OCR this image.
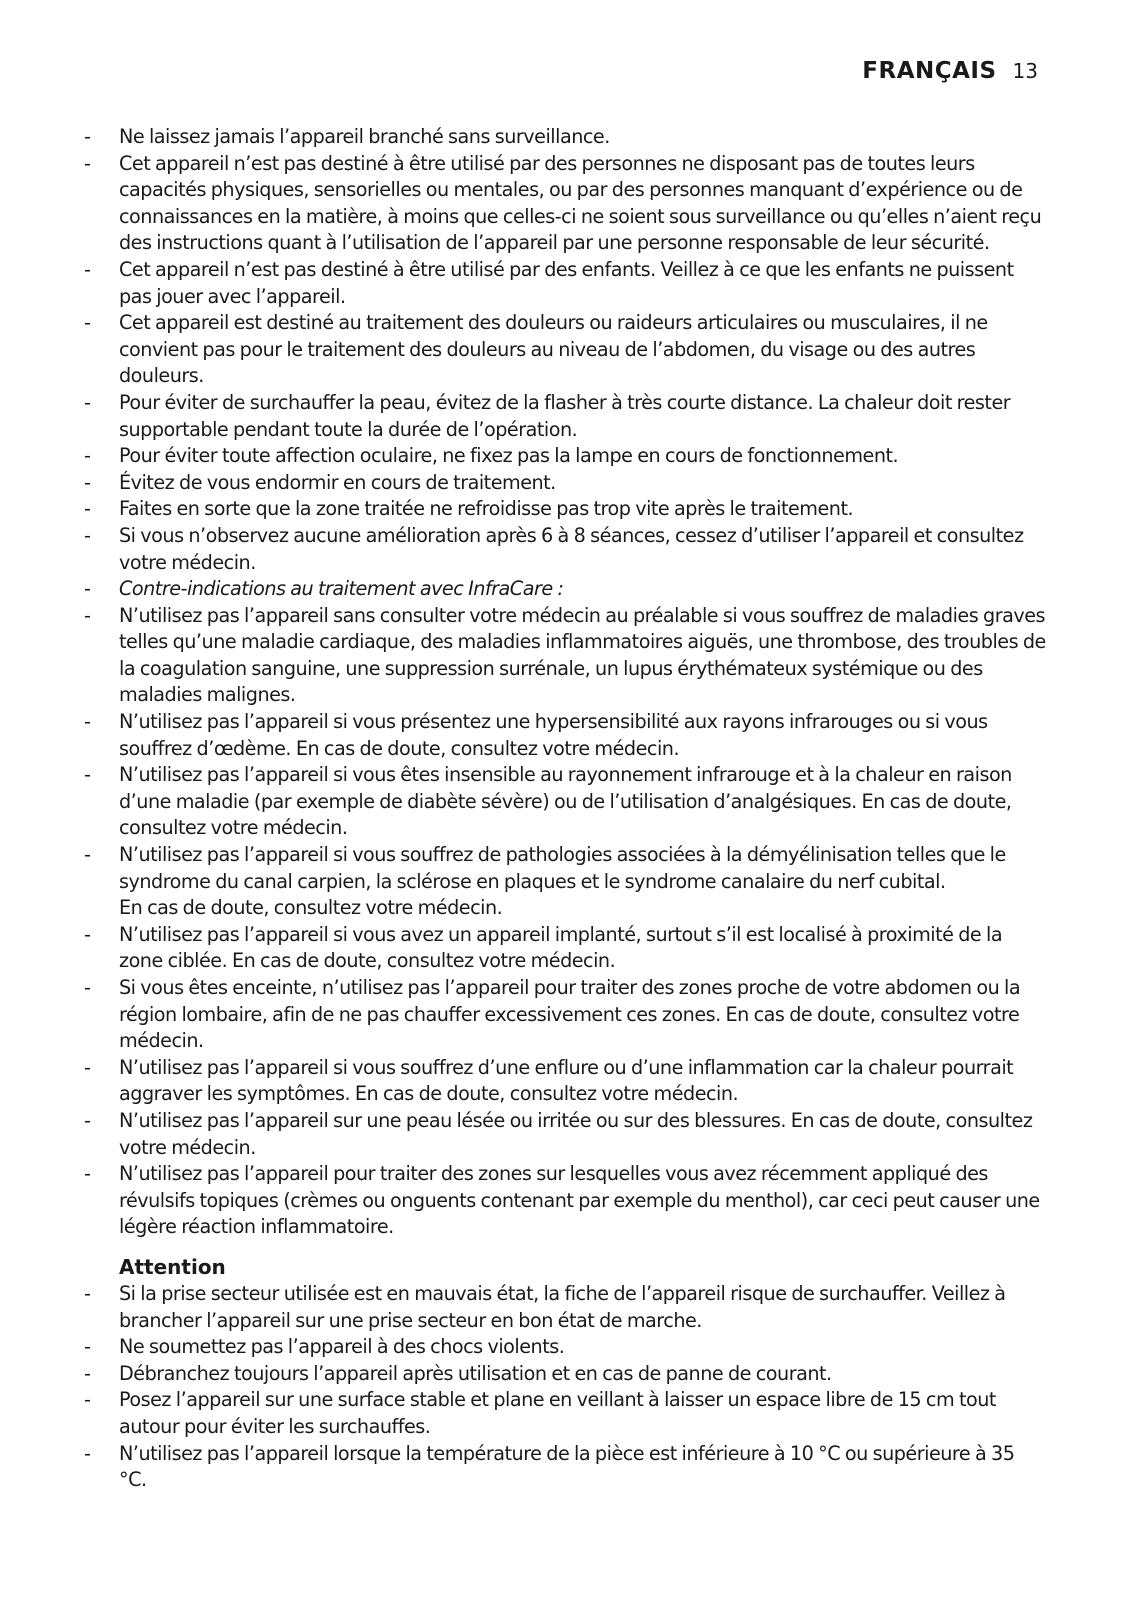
FRANÇAIS 13
- Ne laissez jamais l’appareil branché sans surveillance.
- Cet appareil n’est pas destiné à être utilisé par des personnes ne disposant pas de toutes leurs capacités physiques, sensorielles ou mentales, ou par des personnes manquant d’expérience ou de connaissances en la matière, à moins que celles-ci ne soient sous surveillance ou qu’elles n’aient reçu des instructions quant à l’utilisation de l’appareil par une personne responsable de leur sécurité.
- Cet appareil n’est pas destiné à être utilisé par des enfants. Veillez à ce que les enfants ne puissent pas jouer avec l’appareil.
- Cet appareil est destiné au traitement des douleurs ou raideurs articulaires ou musculaires, il ne convient pas pour le traitement des douleurs au niveau de l’abdomen, du visage ou des autres douleurs.
- Pour éviter de surchauffer la peau, évitez de la flasher à très courte distance. La chaleur doit rester supportable pendant toute la durée de l’opération.
- Pour éviter toute affection oculaire, ne fixez pas la lampe en cours de fonctionnement.
- Évitez de vous endormir en cours de traitement.
- Faites en sorte que la zone traitée ne refroidisse pas trop vite après le traitement.
- Si vous n’observez aucune amélioration après 6 à 8 séances, cessez d’utiliser l’appareil et consultez votre médecin.
- Contre-indications au traitement avec InfraCare :
- N’utilisez pas l’appareil sans consulter votre médecin au préalable si vous souffrez de maladies graves telles qu’une maladie cardiaque, des maladies inflammatoires aiguës, une thrombose, des troubles de la coagulation sanguine, une suppression surrénale, un lupus érythémateux systémique ou des maladies malignes.
- N’utilisez pas l’appareil si vous présentez une hypersensibilité aux rayons infrarouges ou si vous souffrez d’œdème. En cas de doute, consultez votre médecin.
- N’utilisez pas l’appareil si vous êtes insensible au rayonnement infrarouge et à la chaleur en raison d’une maladie (par exemple de diabète sévère) ou de l’utilisation d’analgésiques. En cas de doute, consultez votre médecin.
- N’utilisez pas l’appareil si vous souffrez de pathologies associées à la démyélinisation telles que le syndrome du canal carpien, la sclérose en plaques et le syndrome canalaire du nerf cubital.
En cas de doute, consultez votre médecin.
- N’utilisez pas l’appareil si vous avez un appareil implanté, surtout s’il est localisé à proximité de la zone ciblée. En cas de doute, consultez votre médecin.
- Si vous êtes enceinte, n’utilisez pas l’appareil pour traiter des zones proche de votre abdomen ou la région lombaire, afin de ne pas chauffer excessivement ces zones. En cas de doute, consultez votre médecin.
- N’utilisez pas l’appareil si vous souffrez d’une enflure ou d’une inflammation car la chaleur pourrait aggraver les symptômes. En cas de doute, consultez votre médecin.
- N’utilisez pas l’appareil sur une peau lésée ou irritée ou sur des blessures. En cas de doute, consultez votre médecin.
- N’utilisez pas l’appareil pour traiter des zones sur lesquelles vous avez récemment appliqué des révulsifs topiques (crèmes ou onguents contenant par exemple du menthol), car ceci peut causer une légère réaction inflammatoire.
Attention
- Si la prise secteur utilisée est en mauvais état, la fiche de l’appareil risque de surchauffer. Veillez à brancher l’appareil sur une prise secteur en bon état de marche.
- Ne soumettez pas l’appareil à des chocs violents.
- Débranchez toujours l’appareil après utilisation et en cas de panne de courant.
- Posez l’appareil sur une surface stable et plane en veillant à laisser un espace libre de 15 cm tout autour pour éviter les surchauffes.
- N’utilisez pas l’appareil lorsque la température de la pièce est inférieure à 10 °C ou supérieure à 35 °C.
